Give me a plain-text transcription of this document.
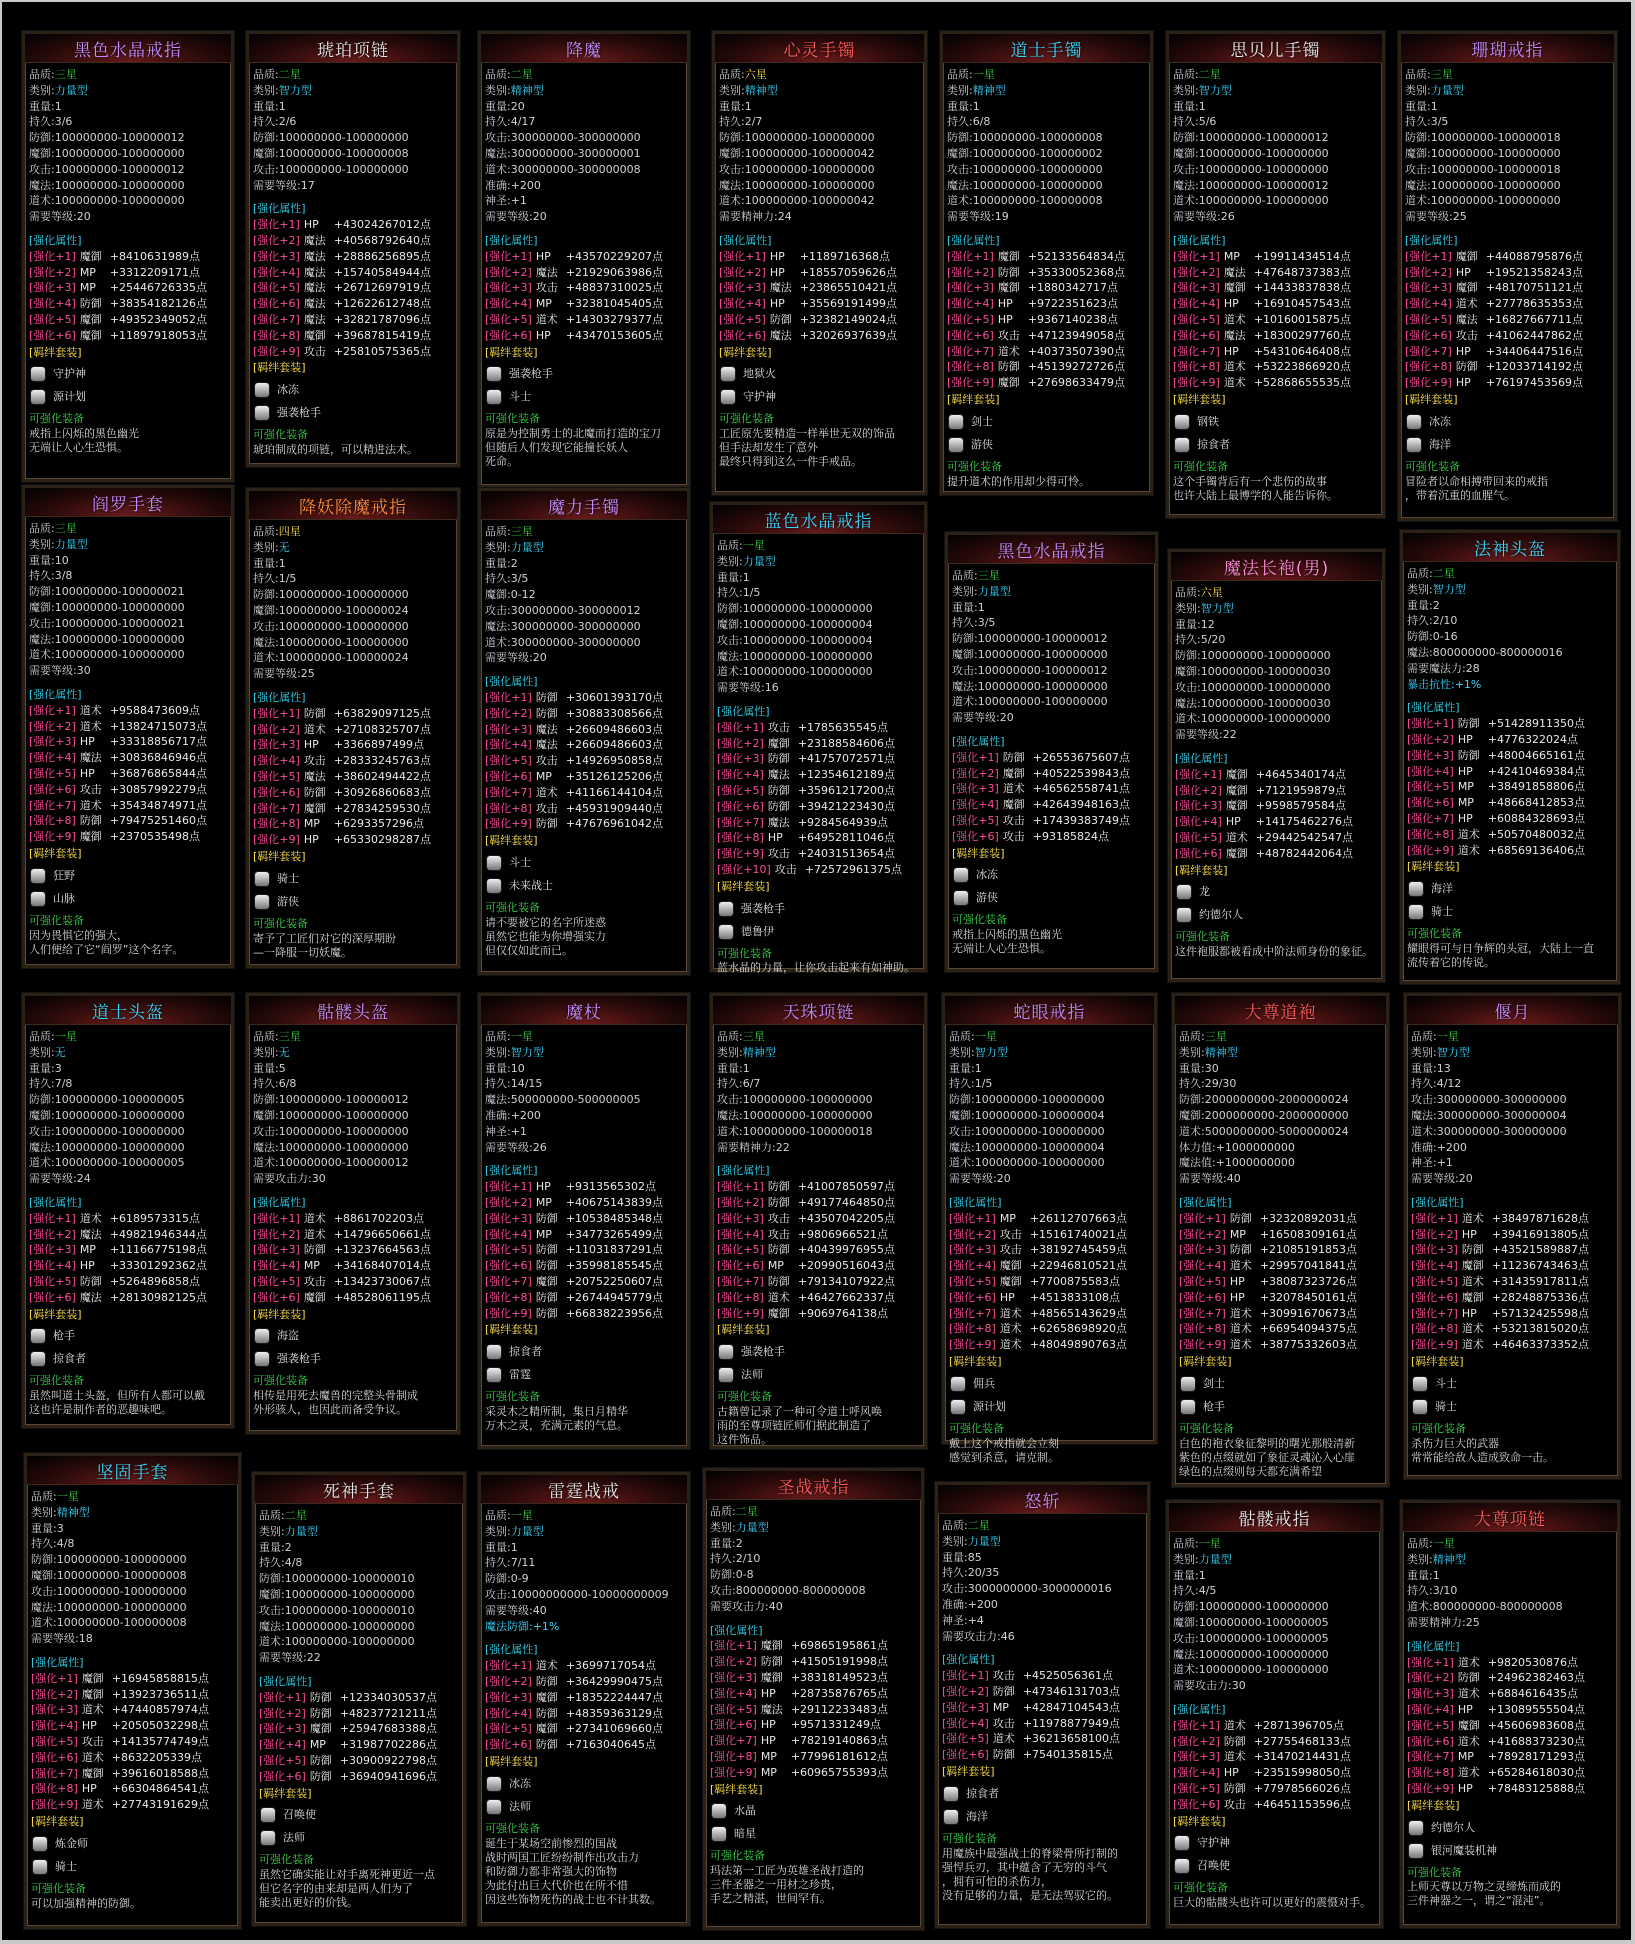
黑色水晶戒指
品质:三星
类别:力量型
重量:1
持久:3/6
防御:100000000-100000012
魔御:100000000-100000000
攻击:100000000-100000012
魔法:100000000-100000000
道术:100000000-100000000
需要等级:20
[强化属性]
[强化+1] 魔御 +8410631989点
[强化+2] MP +3312209171点
[强化+3] MP +25446726335点
[强化+4] 防御 +38354182126点
[强化+5] 魔御 +49352349052点
[强化+6] 魔御 +11897918053点
[羁绊套装]
守护神
源计划
可强化装备
戒指上闪烁的黑色幽光
无端让人心生恐惧。
琥珀项链
品质:二星
类别:智力型
重量:1
持久:2/6
防御:100000000-100000000
魔御:100000000-100000008
攻击:100000000-100000000
需要等级:17
[强化属性]
[强化+1] HP +43024267012点
[强化+2] 魔法 +40568792640点
[强化+3] 魔法 +28886256895点
[强化+4] 魔法 +15740584944点
[强化+5] 魔法 +26712697919点
[强化+6] 魔法 +12622612748点
[强化+7] 魔法 +32821787096点
[强化+8] 魔御 +39687815419点
[强化+9] 攻击 +25810575365点
[羁绊套装]
冰冻
强袭枪手
可强化装备
琥珀制成的项链，可以精进法术。
降魔
品质:二星
类别:精神型
重量:20
持久:4/17
攻击:300000000-300000000
魔法:300000000-300000001
道术:300000000-300000008
准确:+200
神圣:+1
需要等级:20
[强化属性]
[强化+1] HP +43570229207点
[强化+2] 魔法 +21929063986点
[强化+3] 攻击 +48837310025点
[强化+4] MP +32381045405点
[强化+5] 道术 +14303279377点
[强化+6] HP +43470153605点
[羁绊套装]
强袭枪手
斗士
可强化装备
原是为控制勇士的北魔而打造的宝刀
但随后人们发现它能撞长妖人
死命。
心灵手镯
品质:六星
类别:精神型
重量:1
持久:2/7
防御:100000000-100000000
魔御:100000000-100000042
攻击:100000000-100000000
魔法:100000000-100000000
道术:100000000-100000042
需要精神力:24
[强化属性]
[强化+1] HP +1189716368点
[强化+2] HP +18557059626点
[强化+3] 魔法 +23865510421点
[强化+4] HP +35569191499点
[强化+5] 防御 +32382149024点
[强化+6] 魔法 +32026937639点
[羁绊套装]
地狱火
守护神
可强化装备
工匠原先要精造一样举世无双的饰品
但手法却发生了意外
最终只得到这么一件手戒品。
道士手镯
品质:一星
类别:精神型
重量:1
持久:6/8
防御:100000000-100000008
魔御:100000000-100000002
攻击:100000000-100000000
魔法:100000000-100000000
道术:100000000-100000008
需要等级:19
[强化属性]
[强化+1] 魔御 +52133564834点
[强化+2] 防御 +35330052368点
[强化+3] 魔御 +1880342717点
[强化+4] HP +9722351623点
[强化+5] HP +9367140238点
[强化+6] 攻击 +47123949058点
[强化+7] 道术 +40373507390点
[强化+8] 防御 +45139272726点
[强化+9] 魔御 +27698633479点
[羁绊套装]
剑士
游侠
可强化装备
提升道术的作用却少得可怜。
思贝儿手镯
品质:二星
类别:智力型
重量:1
持久:5/6
防御:100000000-100000012
魔御:100000000-100000000
攻击:100000000-100000000
魔法:100000000-100000012
道术:100000000-100000000
需要等级:26
[强化属性]
[强化+1] MP +19911434514点
[强化+2] 魔法 +47648737383点
[强化+3] 魔御 +14433837838点
[强化+4] HP +16910457543点
[强化+5] 道术 +10160015875点
[强化+6] 魔法 +18300297760点
[强化+7] HP +54310646408点
[强化+8] 道术 +53223866920点
[强化+9] 道术 +52868655535点
[羁绊套装]
钢铁
掠食者
可强化装备
这个手镯背后有一个悲伤的故事
也许大陆上最博学的人能告诉你。
珊瑚戒指
品质:三星
类别:力量型
重量:1
持久:3/5
防御:100000000-100000018
魔御:100000000-100000000
攻击:100000000-100000018
魔法:100000000-100000000
道术:100000000-100000000
需要等级:25
[强化属性]
[强化+1] 魔御 +44088795876点
[强化+2] HP +19521358243点
[强化+3] 魔御 +48170751121点
[强化+4] 道术 +27778635353点
[强化+5] 魔法 +16827667711点
[强化+6] 攻击 +41062447862点
[强化+7] HP +34406447516点
[强化+8] 防御 +12033714192点
[强化+9] HP +76197453569点
[羁绊套装]
冰冻
海洋
可强化装备
冒险者以命相搏带回来的戒指
，带着沉重的血腥气。
阎罗手套
品质:三星
类别:力量型
重量:10
持久:3/8
防御:100000000-100000021
魔御:100000000-100000000
攻击:100000000-100000021
魔法:100000000-100000000
道术:100000000-100000000
需要等级:30
[强化属性]
[强化+1] 道术 +9588473609点
[强化+2] 道术 +13824715073点
[强化+3] HP +33318856717点
[强化+4] 魔法 +30836846946点
[强化+5] HP +36876865844点
[强化+6] 攻击 +30857992279点
[强化+7] 道术 +35434874971点
[强化+8] 防御 +79475251460点
[强化+9] 魔御 +2370535498点
[羁绊套装]
狂野
山脉
可强化装备
因为畏惧它的强大，
人们便给了它“阎罗”这个名字。
降妖除魔戒指
品质:四星
类别:无
重量:1
持久:1/5
防御:100000000-100000000
魔御:100000000-100000024
攻击:100000000-100000000
魔法:100000000-100000000
道术:100000000-100000024
需要等级:25
[强化属性]
[强化+1] 防御 +63829097125点
[强化+2] 道术 +27108325707点
[强化+3] HP +3366897499点
[强化+4] 攻击 +28333245763点
[强化+5] 魔法 +38602494422点
[强化+6] 防御 +30926860683点
[强化+7] 魔御 +27834259530点
[强化+8] MP +6293357296点
[强化+9] HP +65330298287点
[羁绊套装]
骑士
游侠
可强化装备
寄予了工匠们对它的深厚期盼
—一降服一切妖魔。
魔力手镯
品质:三星
类别:力量型
重量:2
持久:3/5
魔御:0-12
攻击:300000000-300000012
魔法:300000000-300000000
道术:300000000-300000000
需要等级:20
[强化属性]
[强化+1] 防御 +30601393170点
[强化+2] 防御 +30883308566点
[强化+3] 魔法 +26609486603点
[强化+4] 魔法 +26609486603点
[强化+5] 攻击 +14926950858点
[强化+6] MP +35126125206点
[强化+7] 道术 +41166144104点
[强化+8] 攻击 +45931909440点
[强化+9] 防御 +47676961042点
[羁绊套装]
斗士
未来战士
可强化装备
请不要被它的名字所迷惑
虽然它也能为你增强实力
但仅仅如此而已。
蓝色水晶戒指
品质:一星
类别:力量型
重量:1
持久:1/5
防御:100000000-100000000
魔御:100000000-100000004
攻击:100000000-100000004
魔法:100000000-100000000
道术:100000000-100000000
需要等级:16
[强化属性]
[强化+1] 攻击 +1785635545点
[强化+2] 魔御 +23188584606点
[强化+3] 防御 +41757072571点
[强化+4] 魔法 +12354612189点
[强化+5] 防御 +35961217200点
[强化+6] 防御 +39421223430点
[强化+7] 魔法 +9284564939点
[强化+8] HP +64952811046点
[强化+9] 攻击 +24031513654点
[强化+10] 攻击 +72572961375点
[羁绊套装]
强袭枪手
德鲁伊
可强化装备
蓝水晶的力量，让你攻击起来有如神助。
黑色水晶戒指
品质:三星
类别:力量型
重量:1
持久:3/5
防御:100000000-100000012
魔御:100000000-100000000
攻击:100000000-100000012
魔法:100000000-100000000
道术:100000000-100000000
需要等级:20
[强化属性]
[强化+1] 防御 +26553675607点
[强化+2] 魔御 +40522539843点
[强化+3] 道术 +46562558741点
[强化+4] 魔御 +42643948163点
[强化+5] 攻击 +17439383749点
[强化+6] 攻击 +93185824点
[羁绊套装]
冰冻
游侠
可强化装备
戒指上闪烁的黑色幽光
无端让人心生恐惧。
魔法长袍(男)
品质:六星
类别:智力型
重量:12
持久:5/20
防御:100000000-100000000
魔御:100000000-100000030
攻击:100000000-100000000
魔法:100000000-100000030
道术:100000000-100000000
需要等级:22
[强化属性]
[强化+1] 魔御 +4645340174点
[强化+2] 魔御 +7121959879点
[强化+3] 魔御 +9598579584点
[强化+4] HP +14175462276点
[强化+5] 道术 +29442542547点
[强化+6] 魔御 +48782442064点
[羁绊套装]
龙
约德尔人
可强化装备
这件袍服都被看成中阶法师身份的象征。
法神头盔
品质:二星
类别:智力型
重量:2
持久:2/10
防御:0-16
魔法:800000000-800000016
需要魔法力:28
暴击抗性:+1%
[强化属性]
[强化+1] 防御 +51428911350点
[强化+2] HP +4776322024点
[强化+3] 防御 +48004665161点
[强化+4] HP +42410469384点
[强化+5] MP +38491858806点
[强化+6] MP +48668412853点
[强化+7] HP +60884328693点
[强化+8] 道术 +50570480032点
[强化+9] 道术 +68569136406点
[羁绊套装]
海洋
骑士
可强化装备
耀眼得可与日争辉的头冠，大陆上一直
流传着它的传说。
道士头盔
品质:一星
类别:无
重量:3
持久:7/8
防御:100000000-100000005
魔御:100000000-100000000
攻击:100000000-100000000
魔法:100000000-100000000
道术:100000000-100000005
需要等级:24
[强化属性]
[强化+1] 道术 +6189573315点
[强化+2] 魔法 +49821946344点
[强化+3] MP +11166775198点
[强化+4] HP +33301292362点
[强化+5] 防御 +5264896858点
[强化+6] 魔法 +28130982125点
[羁绊套装]
枪手
掠食者
可强化装备
虽然叫道士头盔，但所有人都可以戴
这也许是制作者的恶趣味吧。
骷髅头盔
品质:三星
类别:无
重量:5
持久:6/8
防御:100000000-100000012
魔御:100000000-100000000
攻击:100000000-100000000
魔法:100000000-100000000
道术:100000000-100000012
需要攻击力:30
[强化属性]
[强化+1] 道术 +8861702203点
[强化+2] 道术 +14796650661点
[强化+3] 防御 +13237664563点
[强化+4] MP +34168407014点
[强化+5] 攻击 +13423730067点
[强化+6] 魔御 +48528061195点
[羁绊套装]
海盗
强袭枪手
可强化装备
相传是用死去魔兽的完整头骨制成
外形骇人，也因此而备受争议。
魔杖
品质:一星
类别:智力型
重量:10
持久:14/15
魔法:500000000-500000005
准确:+200
神圣:+1
需要等级:26
[强化属性]
[强化+1] HP +9313565302点
[强化+2] MP +40675143839点
[强化+3] 防御 +10538485348点
[强化+4] MP +34773265499点
[强化+5] 防御 +11031837291点
[强化+6] 防御 +35998185545点
[强化+7] 魔御 +20752250607点
[强化+8] 防御 +26744945779点
[强化+9] 防御 +66838223956点
[羁绊套装]
掠食者
雷霆
可强化装备
采灵木之精所制，集日月精华
万木之灵，充满元素的气息。
天珠项链
品质:三星
类别:精神型
重量:1
持久:6/7
攻击:100000000-100000000
魔法:100000000-100000000
道术:100000000-100000018
需要精神力:22
[强化属性]
[强化+1] 防御 +41007850597点
[强化+2] 防御 +49177464850点
[强化+3] 攻击 +43507042205点
[强化+4] 攻击 +9806966521点
[强化+5] 防御 +40439976955点
[强化+6] MP +20990516043点
[强化+7] 防御 +79134107922点
[强化+8] 道术 +46427662337点
[强化+9] 魔御 +9069764138点
[羁绊套装]
强袭枪手
法师
可强化装备
古籍曾记录了一种可令道士呼风唤
雨的至尊项链匠师们据此制造了
这件饰品。
蛇眼戒指
品质:一星
类别:智力型
重量:1
持久:1/5
防御:100000000-100000000
魔御:100000000-100000004
攻击:100000000-100000000
魔法:100000000-100000004
道术:100000000-100000000
需要等级:20
[强化属性]
[强化+1] MP +26112707663点
[强化+2] 攻击 +15161740021点
[强化+3] 攻击 +38192745459点
[强化+4] 魔御 +22946810521点
[强化+5] 魔御 +7700875583点
[强化+6] HP +4513833108点
[强化+7] 道术 +48565143629点
[强化+8] 道术 +62658698920点
[强化+9] 道术 +48049890763点
[羁绊套装]
佣兵
源计划
可强化装备
戴上这个戒指就会立刻
感觉到杀意，请克制。
大尊道袍
品质:三星
类别:精神型
重量:30
持久:29/30
防御:2000000000-2000000024
魔御:2000000000-2000000000
道术:5000000000-5000000024
体力值:+1000000000
魔法值:+1000000000
需要等级:40
[强化属性]
[强化+1] 防御 +32320892031点
[强化+2] MP +16508309161点
[强化+3] 防御 +21085191853点
[强化+4] 道术 +29957041841点
[强化+5] HP +38087323726点
[强化+6] HP +32078450161点
[强化+7] 道术 +30991670673点
[强化+8] 道术 +66954094375点
[强化+9] 道术 +38775332603点
[羁绊套装]
剑士
枪手
可强化装备
白色的袍衣象征黎明的曙光那般清新
紫色的点缀就如了象征灵魂沁入心扉
绿色的点缀则每天都充满希望
偃月
品质:一星
类别:智力型
重量:13
持久:4/12
攻击:300000000-300000000
魔法:300000000-300000004
道术:300000000-300000000
准确:+200
神圣:+1
需要等级:20
[强化属性]
[强化+1] 道术 +38497871628点
[强化+2] HP +39416913805点
[强化+3] 防御 +43521589887点
[强化+4] 魔御 +11236743463点
[强化+5] 道术 +31435917811点
[强化+6] 魔御 +28248875336点
[强化+7] HP +57132425598点
[强化+8] 道术 +53213815020点
[强化+9] 道术 +46463373352点
[羁绊套装]
斗士
骑士
可强化装备
杀伤力巨大的武器
常常能给敌人造成致命一击。
坚固手套
品质:一星
类别:精神型
重量:3
持久:4/8
防御:100000000-100000000
魔御:100000000-100000008
攻击:100000000-100000000
魔法:100000000-100000000
道术:100000000-100000008
需要等级:18
[强化属性]
[强化+1] 魔御 +16945858815点
[强化+2] 魔御 +13923736511点
[强化+3] 道术 +47440857974点
[强化+4] HP +20505032298点
[强化+5] 攻击 +14135774749点
[强化+6] 道术 +8632205339点
[强化+7] 魔御 +39616018588点
[强化+8] HP +66304864541点
[强化+9] 道术 +27743191629点
[羁绊套装]
炼金师
骑士
可强化装备
可以加强精神的防御。
死神手套
品质:二星
类别:力量型
重量:2
持久:4/8
防御:100000000-100000010
魔御:100000000-100000000
攻击:100000000-100000010
魔法:100000000-100000000
道术:100000000-100000000
需要等级:22
[强化属性]
[强化+1] 防御 +12334030537点
[强化+2] 防御 +48237721211点
[强化+3] 魔御 +25947683388点
[强化+4] MP +31987702286点
[强化+5] 防御 +30900922798点
[强化+6] 防御 +36940941696点
[羁绊套装]
召唤使
法师
可强化装备
虽然它确实能让对手离死神更近一点
但它名字的由来却是两人们为了
能卖出更好的价钱。
雷霆战戒
品质:一星
类别:力量型
重量:1
持久:7/11
防御:0-9
攻击:10000000000-10000000009
需要等级:40
魔法防御:+1%
[强化属性]
[强化+1] 道术 +3699717054点
[强化+2] 防御 +36429990475点
[强化+3] 魔御 +18352224447点
[强化+4] 防御 +48359363129点
[强化+5] 魔御 +27341069660点
[强化+6] 防御 +7163040645点
[羁绊套装]
冰冻
法师
可强化装备
诞生于某场空前惨烈的国战
战时两国工匠纷纷制作出攻击力
和防御力都非常强大的饰物
为此付出巨大代价也在所不惜
因这些饰物死伤的战士也不计其数。
圣战戒指
品质:二星
类别:力量型
重量:2
持久:2/10
防御:0-8
攻击:800000000-800000008
需要攻击力:40
[强化属性]
[强化+1] 魔御 +69865195861点
[强化+2] 防御 +41505191998点
[强化+3] 魔御 +38318149523点
[强化+4] HP +28735876765点
[强化+5] 魔法 +29112233483点
[强化+6] HP +9571331249点
[强化+7] HP +78219140863点
[强化+8] MP +77996181612点
[强化+9] MP +60965755393点
[羁绊套装]
水晶
暗星
可强化装备
玛法第一工匠为英雄圣战打造的
三件圣器之一用材之珍贵，
手艺之精湛，世间罕有。
怒斩
品质:二星
类别:力量型
重量:85
持久:20/35
攻击:3000000000-3000000016
准确:+200
神圣:+4
需要攻击力:46
[强化属性]
[强化+1] 攻击 +4525056361点
[强化+2] 防御 +47346131703点
[强化+3] MP +42847104543点
[强化+4] 攻击 +11978877949点
[强化+5] 道术 +36213658100点
[强化+6] 防御 +7540135815点
[羁绊套装]
掠食者
海洋
可强化装备
用魔族中最强战士的脊梁骨所打制的
强悍兵刃，其中蕴含了无穷的斗气
，拥有可怕的杀伤力，
没有足够的力量，是无法驾驭它的。
骷髅戒指
品质:一星
类别:力量型
重量:1
持久:4/5
防御:100000000-100000000
魔御:100000000-100000005
攻击:100000000-100000005
魔法:100000000-100000000
道术:100000000-100000000
需要攻击力:30
[强化属性]
[强化+1] 道术 +2871396705点
[强化+2] 防御 +27755468133点
[强化+3] 道术 +31470214431点
[强化+4] HP +23515998050点
[强化+5] 防御 +77978566026点
[强化+6] 攻击 +46451153596点
[羁绊套装]
守护神
召唤使
可强化装备
巨大的骷髅头也许可以更好的震慑对手。
大尊项链
品质:一星
类别:精神型
重量:1
持久:3/10
道术:800000000-800000008
需要精神力:25
[强化属性]
[强化+1] 道术 +9820530876点
[强化+2] 防御 +24962382463点
[强化+3] 道术 +6884616435点
[强化+4] HP +13089555504点
[强化+5] 魔御 +45606983608点
[强化+6] 道术 +41688373230点
[强化+7] MP +78928171293点
[强化+8] 道术 +65284618030点
[强化+9] HP +78483125888点
[羁绊套装]
约德尔人
银河魔装机神
可强化装备
上师天尊以万物之灵缔炼而成的
三件神器之一，谓之“混沌”。
